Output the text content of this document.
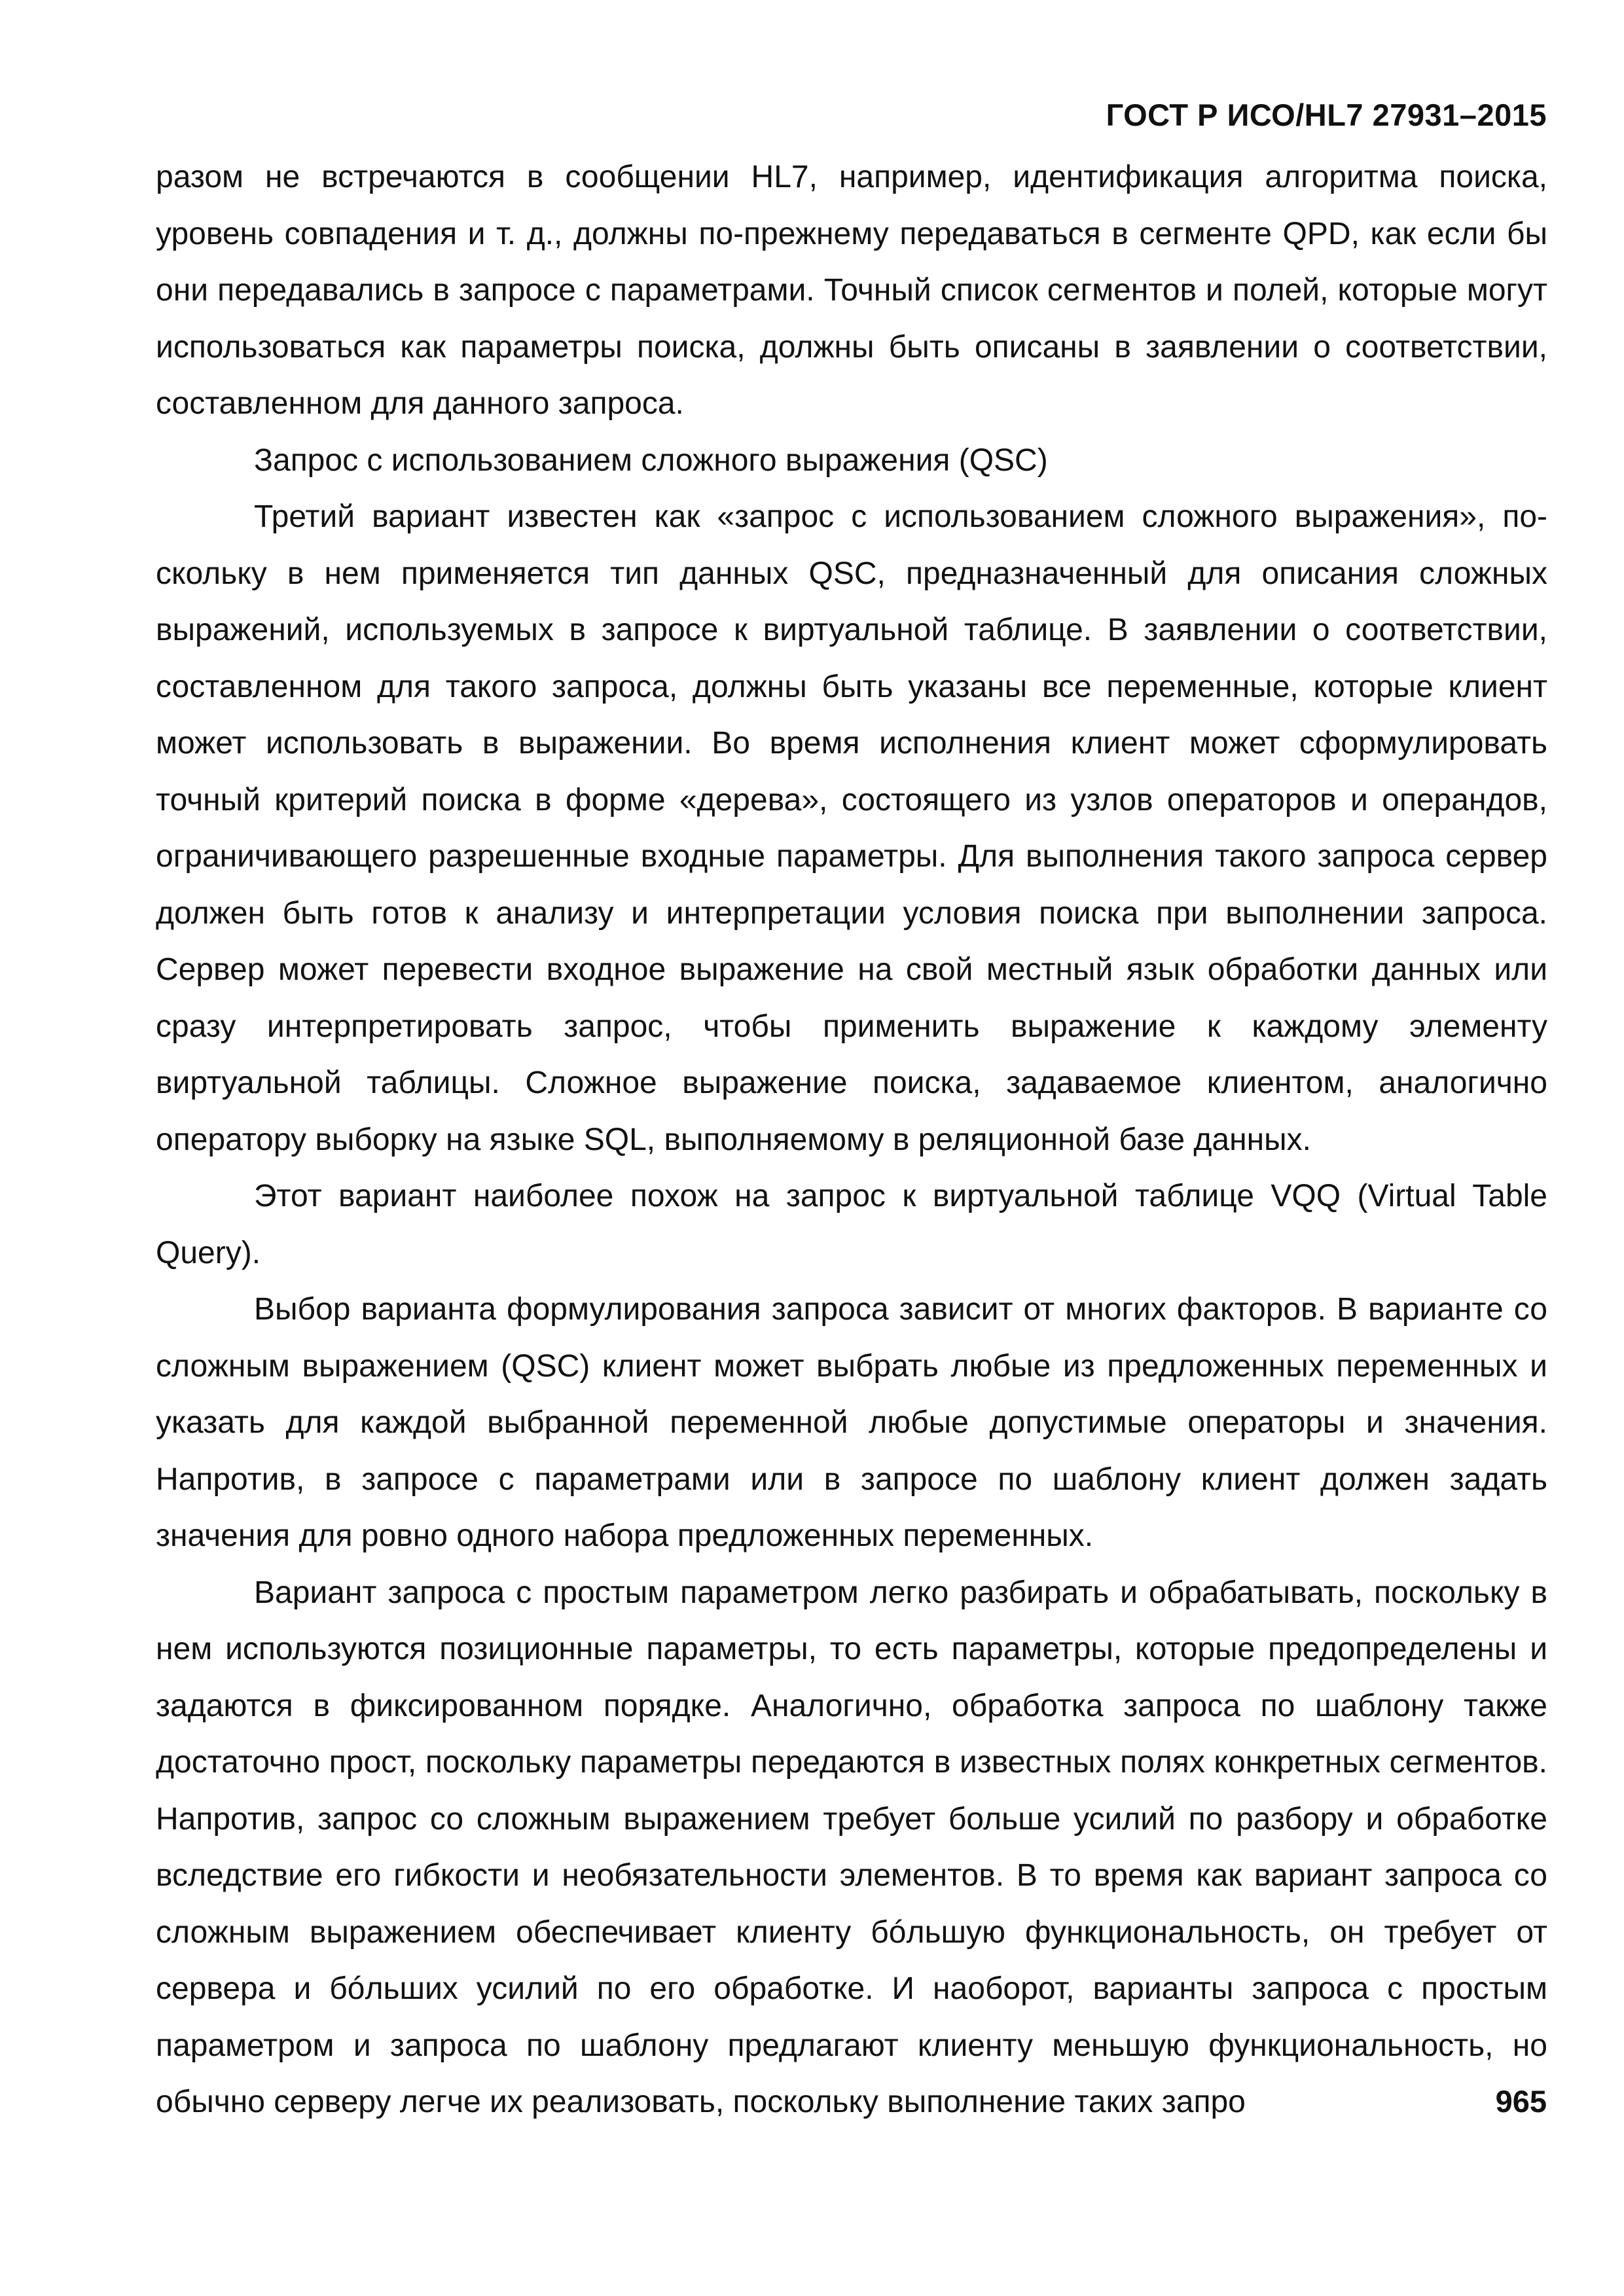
ГОСТ Р ИСО/HL7 27931–2015

разом не встречаются в сообщении HL7, например, идентификация алгоритма поиска, уровень совпадения и т. д., должны по-прежнему передаваться в сегменте QPD, как если бы они передавались в запросе с параметрами. Точный список сегментов и полей, которые могут использоваться как параметры поиска, должны быть описаны в заявлении о соответствии, составленном для данного запроса.

Запрос с использованием сложного выражения (QSC)

Третий вариант известен как «запрос с использованием сложного выражения», поскольку в нем применяется тип данных QSC, предназначенный для описания сложных выражений, используемых в запросе к виртуальной таблице. В заявлении о соответствии, составленном для такого запроса, должны быть указаны все переменные, которые клиент может использовать в выражении. Во время исполнения клиент может сформулировать точный критерий поиска в форме «дерева», состоящего из узлов операторов и операндов, ограничивающего разрешенные входные параметры. Для выполнения такого запроса сервер должен быть готов к анализу и интерпретации условия поиска при выполнении запроса. Сервер может перевести входное выражение на свой местный язык обработки данных или сразу интерпретировать запрос, чтобы применить выражение к каждому элементу виртуальной таблицы. Сложное выражение поиска, задаваемое клиентом, аналогично оператору выборку на языке SQL, выполняемому в реляционной базе данных.

Этот вариант наиболее похож на запрос к виртуальной таблице VQQ (Virtual Table Query).

Выбор варианта формулирования запроса зависит от многих факторов. В варианте со сложным выражением (QSC) клиент может выбрать любые из предложенных переменных и указать для каждой выбранной переменной любые допустимые операторы и значения. Напротив, в запросе с параметрами или в запросе по шаблону клиент должен задать значения для ровно одного набора предложенных переменных.

Вариант запроса с простым параметром легко разбирать и обрабатывать, поскольку в нем используются позиционные параметры, то есть параметры, которые предопределены и задаются в фиксированном порядке. Аналогично, обработка запроса по шаблону также достаточно прост, поскольку параметры передаются в известных полях конкретных сегментов. Напротив, запрос со сложным выражением требует больше усилий по разбору и обработке вследствие его гибкости и необязательности элементов. В то время как вариант запроса со сложным выражением обеспечивает клиенту бóльшую функциональность, он требует от сервера и бóльших усилий по его обработке. И наоборот, варианты запроса с простым параметром и запроса по шаблону предлагают клиенту меньшую функциональность, но обычно серверу легче их реализовать, поскольку выполнение таких запро	965
